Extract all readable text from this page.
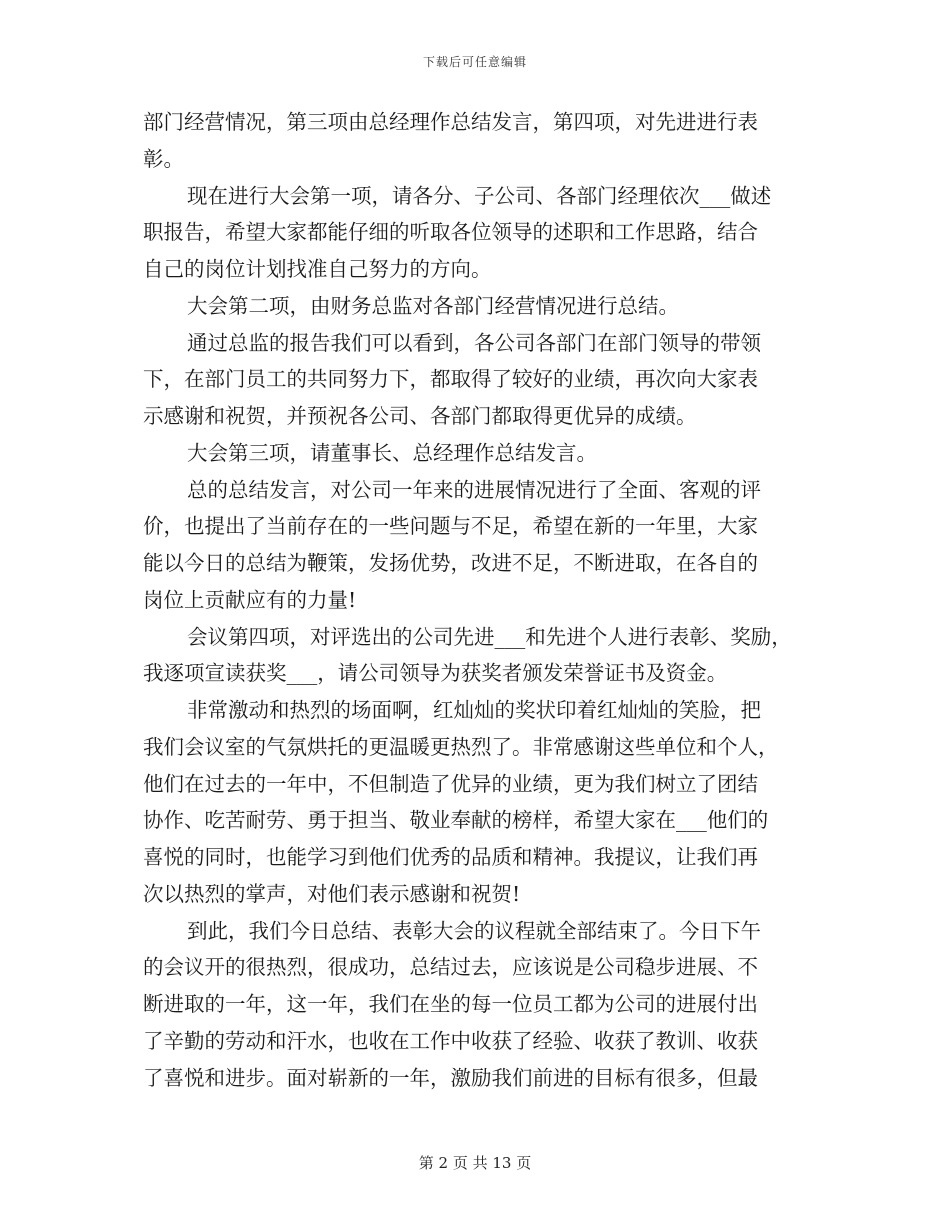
下载后可任意编辑
部门经营情况，第三项由总经理作总结发言，第四项，对先进进行表
彰。
现在进行大会第一项，请各分、子公司、各部门经理依次___做述
职报告，希望大家都能仔细的听取各位领导的述职和工作思路，结合
自己的岗位计划找准自己努力的方向。
大会第二项，由财务总监对各部门经营情况进行总结。
通过总监的报告我们可以看到，各公司各部门在部门领导的带领
下，在部门员工的共同努力下，都取得了较好的业绩，再次向大家表
示感谢和祝贺，并预祝各公司、各部门都取得更优异的成绩。
大会第三项，请董事长、总经理作总结发言。
总的总结发言，对公司一年来的进展情况进行了全面、客观的评
价，也提出了当前存在的一些问题与不足，希望在新的一年里，大家
能以今日的总结为鞭策，发扬优势，改进不足，不断进取，在各自的
岗位上贡献应有的力量!
会议第四项，对评选出的公司先进___和先进个人进行表彰、奖励，
我逐项宣读获奖___，请公司领导为获奖者颁发荣誉证书及资金。
非常激动和热烈的场面啊，红灿灿的奖状印着红灿灿的笑脸，把
我们会议室的气氛烘托的更温暖更热烈了。非常感谢这些单位和个人，
他们在过去的一年中，不但制造了优异的业绩，更为我们树立了团结
协作、吃苦耐劳、勇于担当、敬业奉献的榜样，希望大家在___他们的
喜悦的同时，也能学习到他们优秀的品质和精神。我提议，让我们再
次以热烈的掌声，对他们表示感谢和祝贺!
到此，我们今日总结、表彰大会的议程就全部结束了。今日下午
的会议开的很热烈，很成功，总结过去，应该说是公司稳步进展、不
断进取的一年，这一年，我们在坐的每一位员工都为公司的进展付出
了辛勤的劳动和汗水，也收在工作中收获了经验、收获了教训、收获
了喜悦和进步。面对崭新的一年，激励我们前进的目标有很多，但最
第 2 页 共 13 页
